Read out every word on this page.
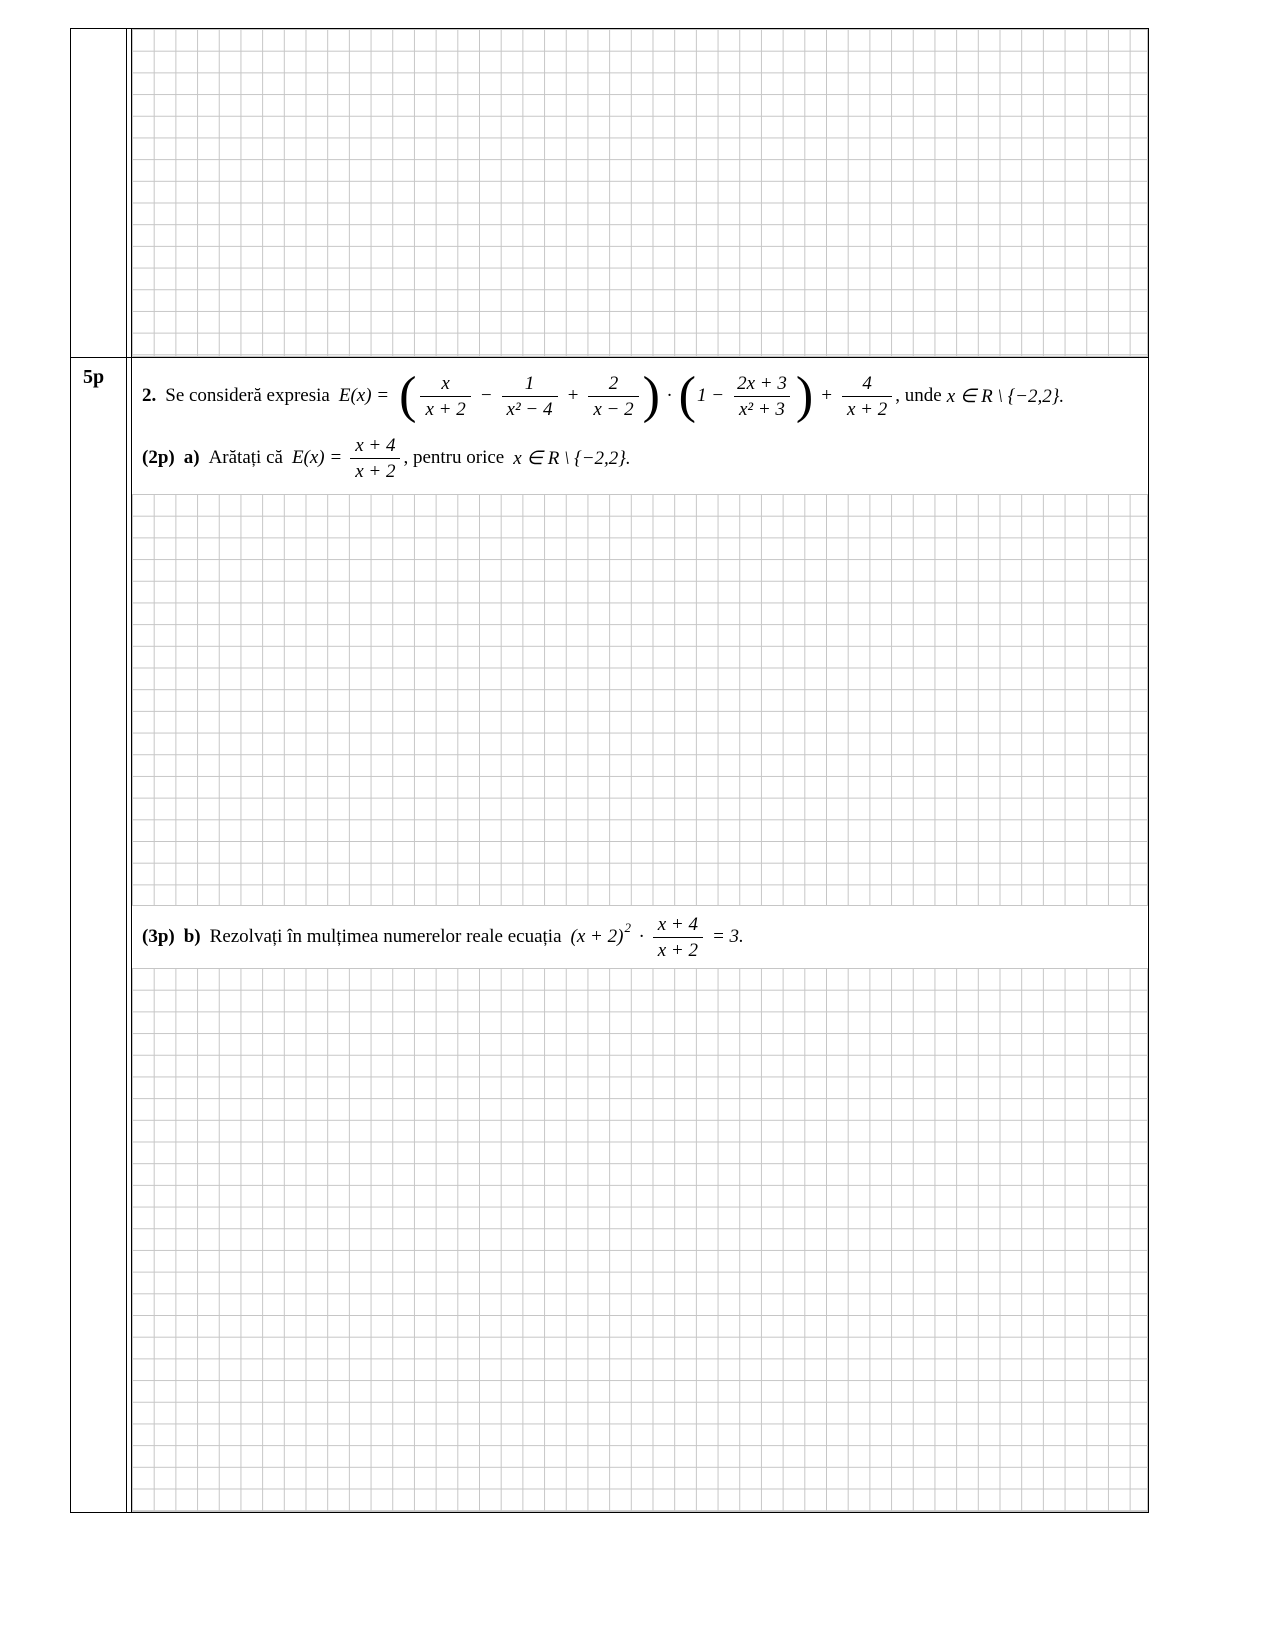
5p
2. Se consideră expresia E(x) = ( $\frac{x}{x + 2} - \frac{1}{\text{x² − 4}} + \frac{2}{x - 2}$ ) · ( $1 - \frac{2x + 3}{\text{x² + 3}}$ ) + $\frac{4}{x + 2}$ , unde x ∈ R \ {−2,2}.
(2p) a) Arătați că $E(x) = \frac{x + 4}{x + 2}$ , pentru orice x ∈ R \ {−2,2}.
(3p) b) Rezolvați în mulțimea numerelor reale ecuația (x + 2) $2 \cdot \frac{x + 4}{x + 2} = 3$.
